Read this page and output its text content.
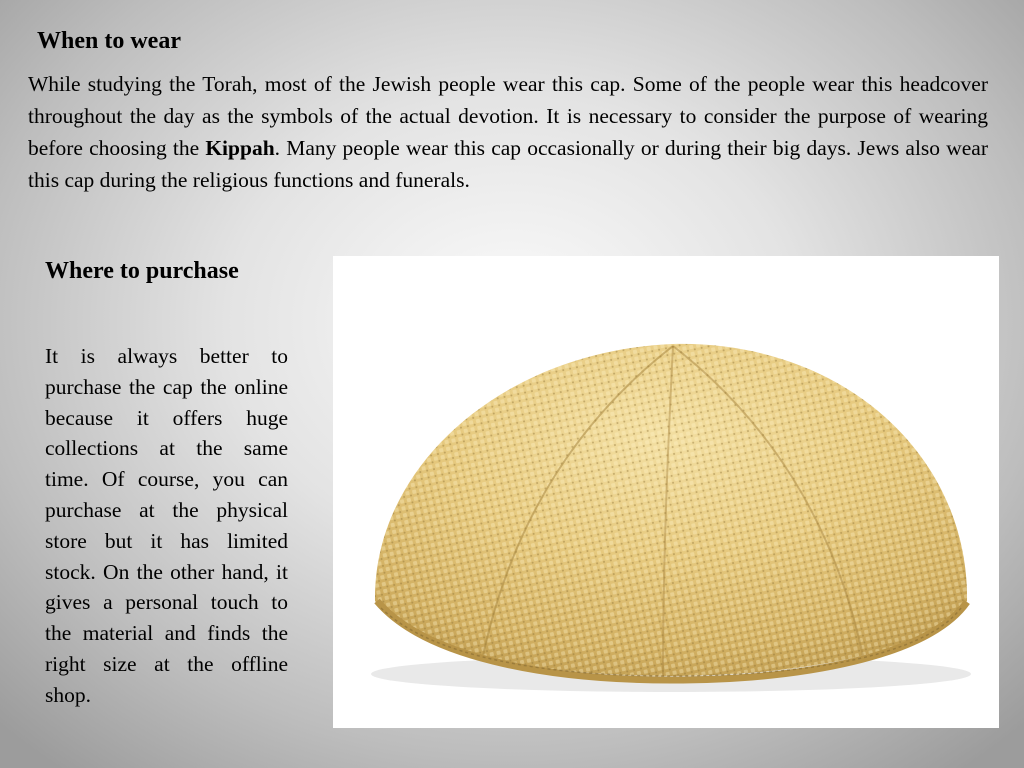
When to wear

While studying the Torah, most of the Jewish people wear this cap. Some of the people wear this headcover throughout the day as the symbols of the actual devotion. It is necessary to consider the purpose of wearing before choosing the Kippah. Many people wear this cap occasionally or during their big days. Jews also wear this cap during the religious functions and funerals.

Where to purchase

It is always better to purchase the cap the online because it offers huge collections at the same time. Of course, you can purchase at the physical store but it has limited stock. On the other hand, it gives a personal touch to the material and finds the right size at the offline shop.
